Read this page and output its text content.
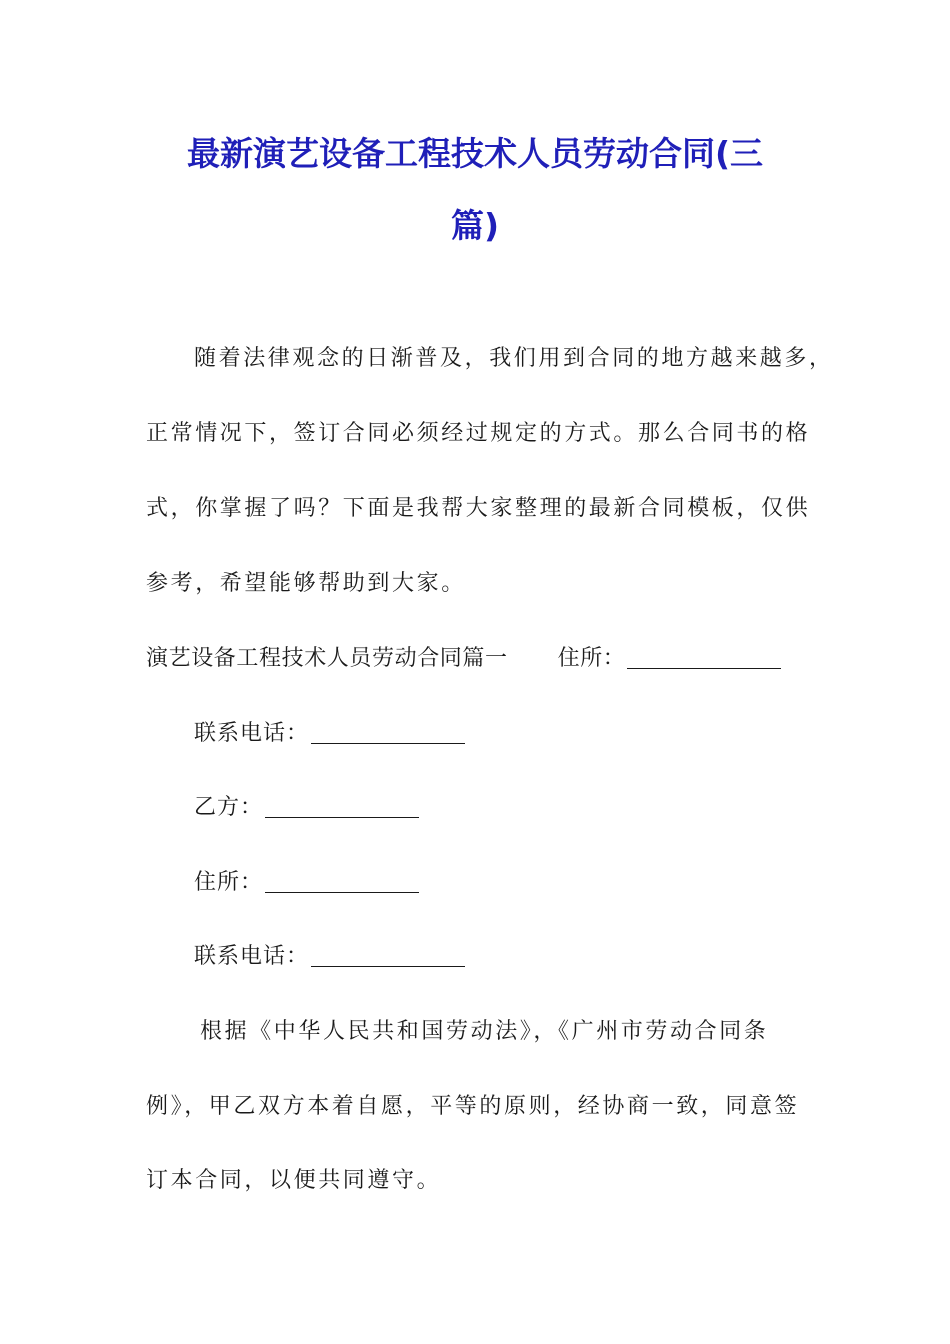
最新演艺设备工程技术人员劳动合同(三
篇)
随着法律观念的日渐普及，我们用到合同的地方越来越多，
正常情况下，签订合同必须经过规定的方式。那么合同书的格
式，你掌握了吗？下面是我帮大家整理的最新合同模板，仅供
参考，希望能够帮助到大家。
演艺设备工程技术人员劳动合同篇一 住所：
联系电话：
乙方：
住所：
联系电话：
根据《中华人民共和国劳动法》，《广州市劳动合同条
例》，甲乙双方本着自愿，平等的原则，经协商一致，同意签
订本合同，以便共同遵守。
